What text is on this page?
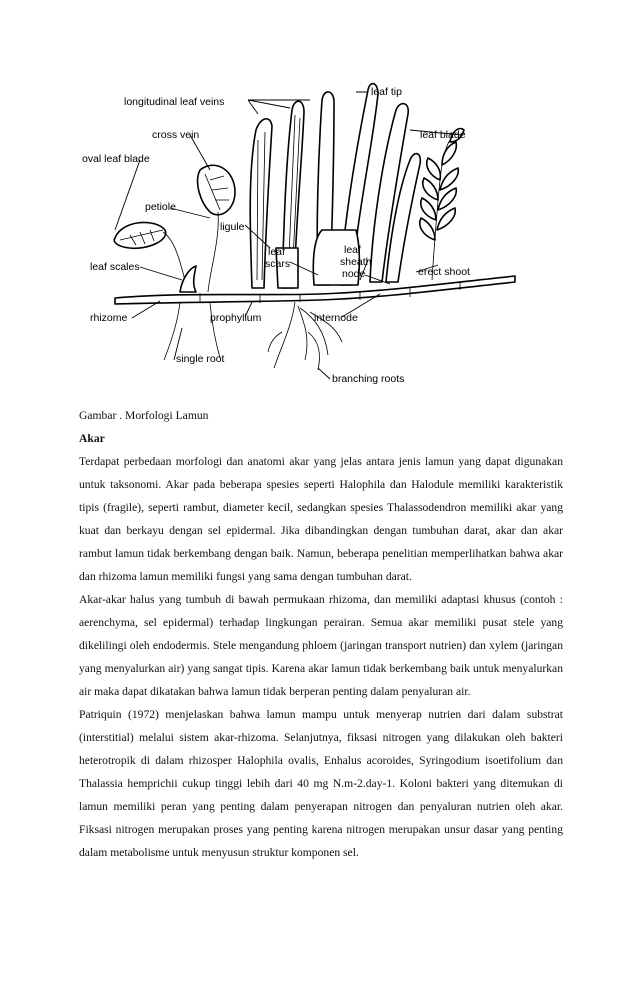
longitudinal leaf veins
leaf tip
cross vein	leaf blade
oval leaf blade
petiole
ligule
leaf
scars
leaf
sheath
node	erect shoot
leaf scales
rhizome	prophyllum	internode
single root
branching roots

Gambar . Morfologi Lamun

Akar

Terdapat perbedaan morfologi dan anatomi akar yang jelas antara jenis lamun yang dapat digunakan untuk taksonomi. Akar pada beberapa spesies seperti Halophila dan Halodule memiliki karakteristik tipis (fragile), seperti rambut, diameter kecil, sedangkan spesies Thalassodendron memiliki akar yang kuat dan berkayu dengan sel epidermal. Jika dibandingkan dengan tumbuhan darat, akar dan akar rambut lamun tidak berkembang dengan baik. Namun, beberapa penelitian memperlihatkan bahwa akar dan rhizoma lamun memiliki fungsi yang sama dengan tumbuhan darat.

Akar-akar halus yang tumbuh di bawah permukaan rhizoma, dan memiliki adaptasi khusus (contoh : aerenchyma, sel epidermal) terhadap lingkungan perairan. Semua akar memiliki pusat stele yang dikelilingi oleh endodermis. Stele mengandung phloem (jaringan transport nutrien) dan xylem (jaringan yang menyalurkan air) yang sangat tipis. Karena akar lamun tidak berkembang baik untuk menyalurkan air maka dapat dikatakan bahwa lamun tidak berperan penting dalam penyaluran air.

Patriquin (1972) menjelaskan bahwa lamun mampu untuk menyerap nutrien dari dalam substrat (interstitial) melalui sistem akar-rhizoma. Selanjutnya, fiksasi nitrogen yang dilakukan oleh bakteri heterotropik di dalam rhizosper Halophila ovalis, Enhalus acoroides, Syringodium isoetifolium dan Thalassia hemprichii cukup tinggi lebih dari 40 mg N.m-2.day-1. Koloni bakteri yang ditemukan di lamun memiliki peran yang penting dalam penyerapan nitrogen dan penyaluran nutrien oleh akar. Fiksasi nitrogen merupakan proses yang penting karena nitrogen merupakan unsur dasar yang penting dalam metabolisme untuk menyusun struktur komponen sel.
